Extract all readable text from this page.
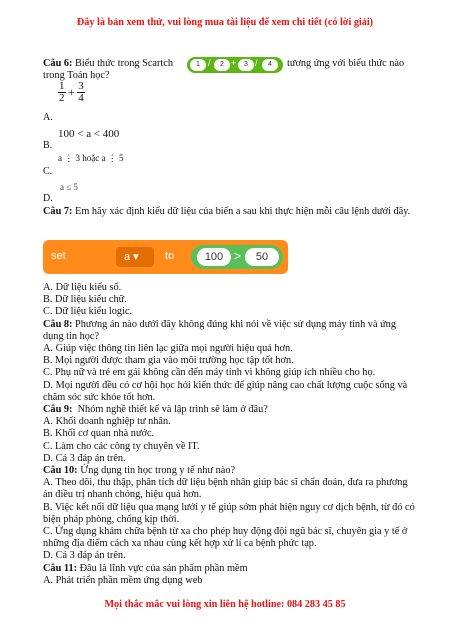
Đây là bản xem thử, vui lòng mua tài liệu để xem chi tiết (có lời giải)

Câu 6: Biểu thức trong Scartch

trong Toán học?

1 /	2 +	3 /	4	tương ứng với biểu thức nào
$\frac{1}{2} + \frac{3}{4}$
A.
100 < a < 400
B.
a ⋮ 3 hoặc a ⋮ 5
C.
a ≤ 5
D.

Câu 7: Em hãy xác định kiểu dữ liệu của biến a sau khi thực hiện mỗi câu lệnh dưới đây.

set	a ▾	to	100 >	50

A. Dữ liệu kiểu số.

B. Dữ liệu kiểu chữ.

C. Dữ liệu kiểu logic.

Câu 8: Phương án nào dưới đây không đúng khi nói về việc sử dụng máy tính và ứng dụng tin học?

A. Giúp việc thông tin liên lạc giữa mọi người hiệu quả hơn.

B. Mọi người được tham gia vào môi trường học tập tốt hơn.

C. Phụ nữ và trẻ em gái không cần đến máy tính vì không giúp ích nhiều cho họ.

D. Mọi người đều có cơ hội học hỏi kiến thức để giúp nâng cao chất lượng cuộc sống và chăm sóc sức khỏe tốt hơn.

Câu 9: Nhóm nghề thiết kế và lập trình sẽ làm ở đâu?

A. Khối doanh nghiệp tư nhân.

B. Khối cơ quan nhà nước.

C. Làm cho các công ty chuyên về IT.

D. Cả 3 đáp án trên.

Câu 10: Ứng dụng tin học trong y tế như nào?

A. Theo dõi, thu thập, phân tích dữ liệu bệnh nhân giúp bác sĩ chẩn đoán, đưa ra phương án điều trị nhanh chóng, hiệu quả hơn.

B. Việc kết nối dữ liệu qua mạng lưới y tế giúp sớm phát hiện nguy cơ dịch bệnh, từ đó có biện pháp phòng, chống kịp thời.

C. Ứng dụng khám chữa bệnh từ xa cho phép huy động đội ngũ bác sĩ, chuyên gia y tế ở những địa điểm cách xa nhau cùng kết hợp xử lí ca bệnh phức tạp.

D. Cả 3 đáp án trên.

Câu 11: Đâu là lĩnh vực của sản phẩm phần mềm

A. Phát triển phần mềm ứng dụng web

Mọi thắc mắc vui lòng xin liên hệ hotline: 084 283 45 85
